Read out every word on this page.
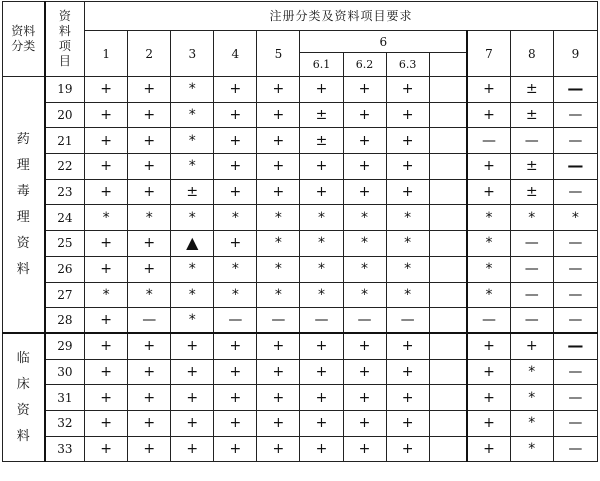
资料分类	资料项目	注册分类及资料项目要求											
		1	2	3	4	5	6				7	8	9
							6.1	6.2	6.3				

药理毒理资料	19	+	+	*	+	+	+	+	+		+	±	—
	20	+	+	*	+	+	±	+	+		+	±	—
	21	+	+	*	+	+	±	+	+		—	—	—
	22	+	+	*	+	+	+	+	+		+	±	—
	23	+	+	±	+	+	+	+	+		+	±	—
	24	*	*	*	*	*	*	*	*		*	*	*
	25	+	+	▲	+	*	*	*	*		*	—	—
	26	+	+	*	*	*	*	*	*		*	—	—
	27	*	*	*	*	*	*	*	*		*	—	—
	28	+	—	*	—	—	—	—	—		—	—	—

临床资料	29	+	+	+	+	+	+	+	+		+	+	—
	30	+	+	+	+	+	+	+	+		+	*	—
	31	+	+	+	+	+	+	+	+		+	*	—
	32	+	+	+	+	+	+	+	+		+	*	—
	33	+	+	+	+	+	+	+	+		+	*	—
